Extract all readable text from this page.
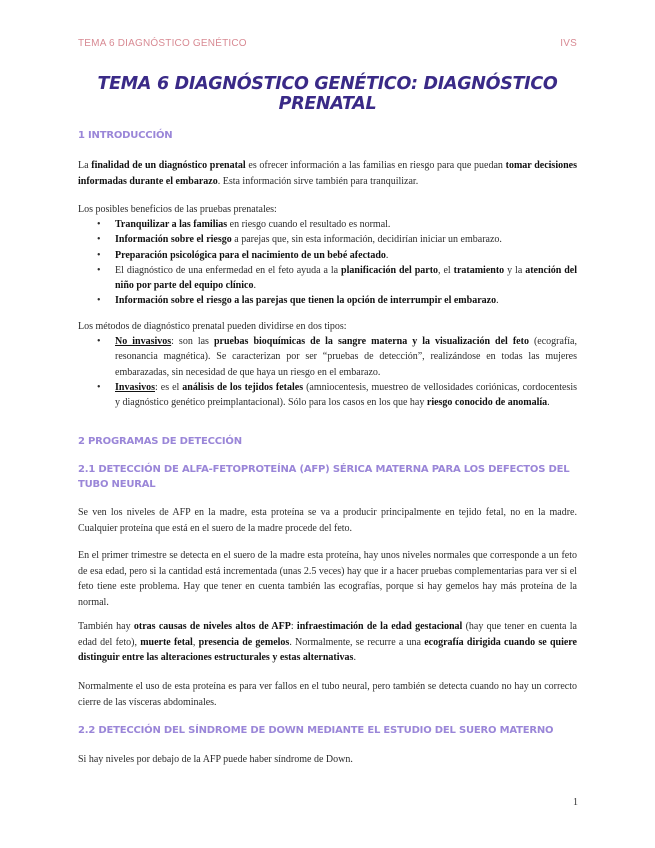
TEMA 6 DIAGNÓSTICO GENÉTICO	IVS
TEMA 6 DIAGNÓSTICO GENÉTICO: DIAGNÓSTICO PRENATAL
1 INTRODUCCIÓN
La finalidad de un diagnóstico prenatal es ofrecer información a las familias en riesgo para que puedan tomar decisiones informadas durante el embarazo. Esta información sirve también para tranquilizar.
Los posibles beneficios de las pruebas prenatales:
• Tranquilizar a las familias en riesgo cuando el resultado es normal.
• Información sobre el riesgo a parejas que, sin esta información, decidirían iniciar un embarazo.
• Preparación psicológica para el nacimiento de un bebé afectado.
• El diagnóstico de una enfermedad en el feto ayuda a la planificación del parto, el tratamiento y la atención del niño por parte del equipo clínico.
• Información sobre el riesgo a las parejas que tienen la opción de interrumpir el embarazo.
Los métodos de diagnóstico prenatal pueden dividirse en dos tipos:
• No invasivos: son las pruebas bioquímicas de la sangre materna y la visualización del feto (ecografía, resonancia magnética). Se caracterizan por ser “pruebas de detección”, realizándose en todas las mujeres embarazadas, sin necesidad de que haya un riesgo en el embarazo.
• Invasivos: es el análisis de los tejidos fetales (amniocentesis, muestreo de vellosidades coriónicas, cordocentesis y diagnóstico genético preimplantacional). Sólo para los casos en los que hay riesgo conocido de anomalía.
2 PROGRAMAS DE DETECCIÓN
2.1 DETECCIÓN DE ALFA-FETOPROTEÍNA (AFP) SÉRICA MATERNA PARA LOS DEFECTOS DEL TUBO NEURAL
Se ven los niveles de AFP en la madre, esta proteína se va a producir principalmente en tejido fetal, no en la madre. Cualquier proteína que está en el suero de la madre procede del feto.
En el primer trimestre se detecta en el suero de la madre esta proteína, hay unos niveles normales que corresponde a un feto de esa edad, pero si la cantidad está incrementada (unas 2.5 veces) hay que ir a hacer pruebas complementarias para ver si el feto tiene este problema. Hay que tener en cuenta también las ecografías, porque si hay gemelos hay más proteína de la normal.
También hay otras causas de niveles altos de AFP: infraestimación de la edad gestacional (hay que tener en cuenta la edad del feto), muerte fetal, presencia de gemelos. Normalmente, se recurre a una ecografía dirigida cuando se quiere distinguir entre las alteraciones estructurales y estas alternativas.
Normalmente el uso de esta proteína es para ver fallos en el tubo neural, pero también se detecta cuando no hay un correcto cierre de las vísceras abdominales.
2.2 DETECCIÓN DEL SÍNDROME DE DOWN MEDIANTE EL ESTUDIO DEL SUERO MATERNO
Si hay niveles por debajo de la AFP puede haber síndrome de Down.
1
